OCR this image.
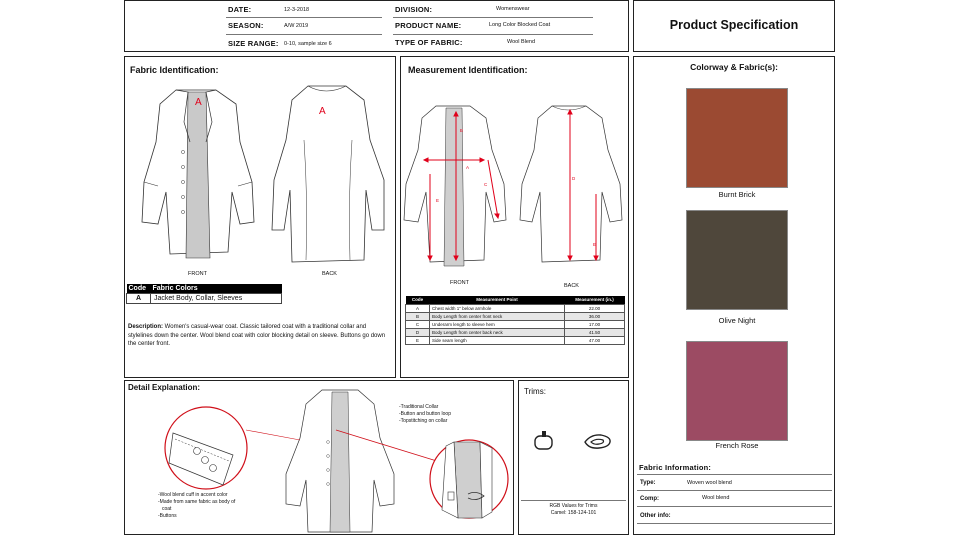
DATE:	12-3-2018
SEASON:	A/W 2019
SIZE RANGE: 0-10, sample size 6
DIVISION:	Womenswear
PRODUCT NAME:	Long Color Blocked Coat
TYPE OF FABRIC:	Wool Blend
Product Specification
Fabric Identification:
A
FRONT
A
BACK
Code	Fabric Colors
A	Jacket Body, Collar, Sleeves
Description: Women's casual-wear coat. Classic tailored coat with a traditional collar and stylelines down the center. Wool blend coat with color blocking detail on sleeve. Buttons go down the center front.
Measurement Identification:
A
B
C
E
FRONT
D
E
BACK
Code	Measurement Point	Measurement (in.)
A	Chest width 1" below armhole	22.00
B	Body Length from center front neck	36.00
C	Underarm length to sleeve hem	17.00
D	Body Length from center back neck	41.50
E	Side seam length	47.00
Detail Explanation:
-Traditional Collar
-Button and button loop
-Topstitching on collar
-Wool blend cuff in accent color
-Made from same fabric as body of
coat
-Buttons
Trims:
RGB Values for Trims
Camel: 158-124-101
Colorway & Fabric(s):
Burnt Brick
Olive Night
French Rose
Fabric Information:
Type:	Woven wool blend
Comp:	Wool blend
Other info:
